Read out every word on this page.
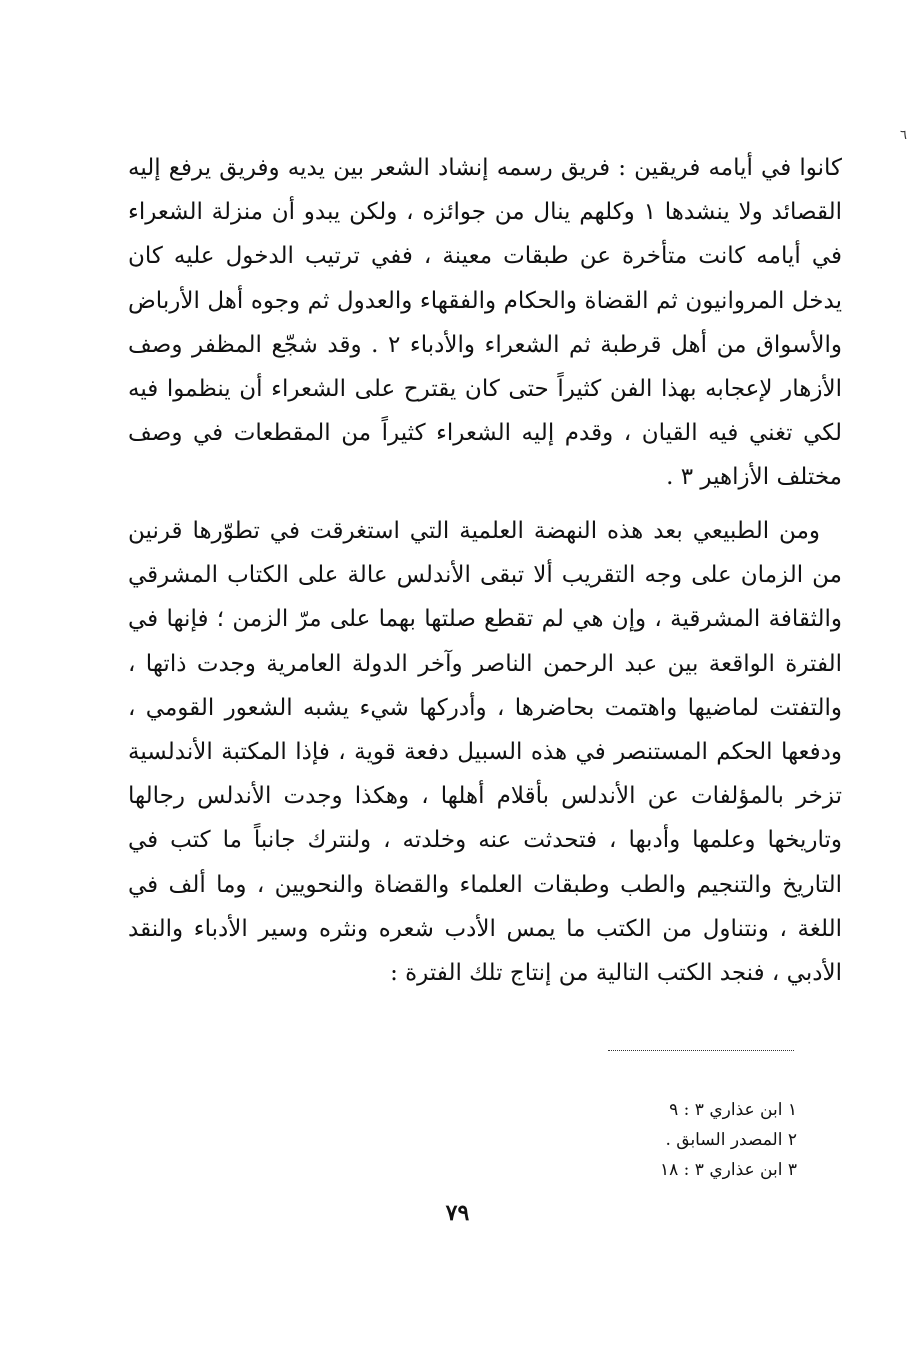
٦

كانوا في أيامه فريقين : فريق رسمه إنشاد الشعر بين يديه وفريق يرفع إليه القصائد ولا ينشدها ١ وكلهم ينال من جوائزه ، ولكن يبدو أن منزلة الشعراء في أيامه كانت متأخرة عن طبقات معينة ، ففي ترتيب الدخول عليه كان يدخل المروانيون ثم القضاة والحكام والفقهاء والعدول ثم وجوه أهل الأرباض والأسواق من أهل قرطبة ثم الشعراء والأدباء ٢ . وقد شجّع المظفر وصف الأزهار لإعجابه بهذا الفن كثيراً حتى كان يقترح على الشعراء أن ينظموا فيه لكي تغني فيه القيان ، وقدم إليه الشعراء كثيراً من المقطعات في وصف مختلف الأزاهير ٣ .

ومن الطبيعي بعد هذه النهضة العلمية التي استغرقت في تطوّرها قرنين من الزمان على وجه التقريب ألا تبقى الأندلس عالة على الكتاب المشرقي والثقافة المشرقية ، وإن هي لم تقطع صلتها بهما على مرّ الزمن ؛ فإنها في الفترة الواقعة بين عبد الرحمن الناصر وآخر الدولة العامرية وجدت ذاتها ، والتفتت لماضيها واهتمت بحاضرها ، وأدركها شيء يشبه الشعور القومي ، ودفعها الحكم المستنصر في هذه السبيل دفعة قوية ، فإذا المكتبة الأندلسية تزخر بالمؤلفات عن الأندلس بأقلام أهلها ، وهكذا وجدت الأندلس رجالها وتاريخها وعلمها وأدبها ، فتحدثت عنه وخلدته ، ولنترك جانباً ما كتب في التاريخ والتنجيم والطب وطبقات العلماء والقضاة والنحويين ، وما ألف في اللغة ، ونتناول من الكتب ما يمس الأدب شعره ونثره وسير الأدباء والنقد الأدبي ، فنجد الكتب التالية من إنتاج تلك الفترة :

١ ابن عذاري ٣ : ٩
٢ المصدر السابق .
٣ ابن عذاري ٣ : ١٨
٧٩
